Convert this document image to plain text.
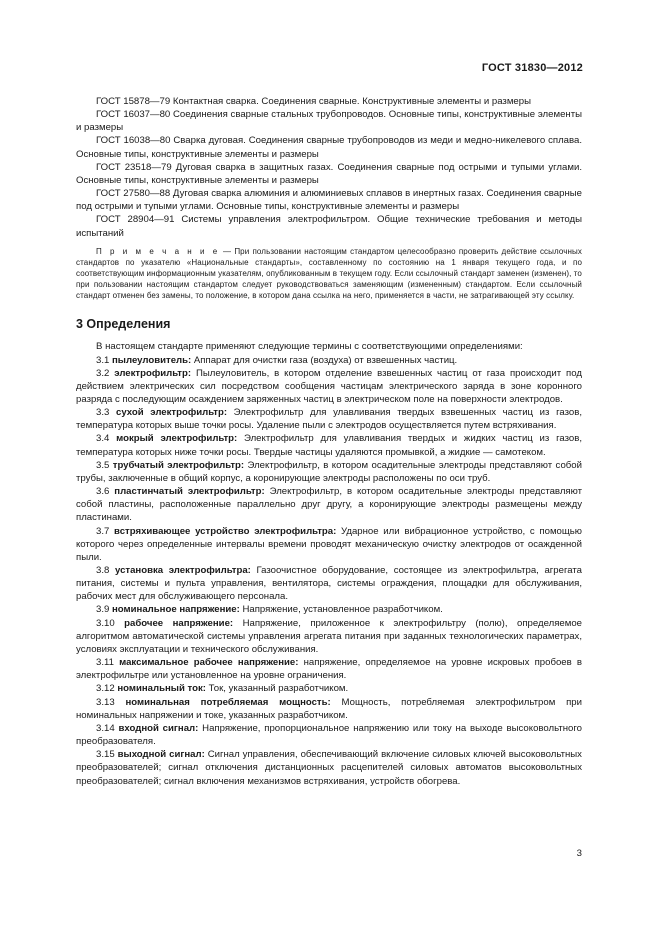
ГОСТ 31830—2012

ГОСТ 15878—79 Контактная сварка. Соединения сварные. Конструктивные элементы и размеры

ГОСТ 16037—80 Соединения сварные стальных трубопроводов. Основные типы, конструктивные элементы и размеры

ГОСТ 16038—80 Сварка дуговая. Соединения сварные трубопроводов из меди и медно-никелевого сплава. Основные типы, конструктивные элементы и размеры

ГОСТ 23518—79 Дуговая сварка в защитных газах. Соединения сварные под острыми и тупыми углами. Основные типы, конструктивные элементы и размеры

ГОСТ 27580—88 Дуговая сварка алюминия и алюминиевых сплавов в инертных газах. Соединения сварные под острыми и тупыми углами. Основные типы, конструктивные элементы и размеры

ГОСТ 28904—91 Системы управления электрофильтром. Общие технические требования и методы испытаний

П р и м е ч а н и е — При пользовании настоящим стандартом целесообразно проверить действие ссылочных стандартов по указателю «Национальные стандарты», составленному по состоянию на 1 января текущего года, и по соответствующим информационным указателям, опубликованным в текущем году. Если ссылочный стандарт заменен (изменен), то при пользовании настоящим стандартом следует руководствоваться заменяющим (измененным) стандартом. Если ссылочный стандарт отменен без замены, то положение, в котором дана ссылка на него, применяется в части, не затрагивающей эту ссылку.

3 Определения

В настоящем стандарте применяют следующие термины с соответствующими определениями:

3.1 пылеуловитель: Аппарат для очистки газа (воздуха) от взвешенных частиц.

3.2 электрофильтр: Пылеуловитель, в котором отделение взвешенных частиц от газа происходит под действием электрических сил посредством сообщения частицам электрического заряда в зоне коронного разряда с последующим осаждением заряженных частиц в электрическом поле на поверхности электродов.

3.3 сухой электрофильтр: Электрофильтр для улавливания твердых взвешенных частиц из газов, температура которых выше точки росы. Удаление пыли с электродов осуществляется путем встряхивания.

3.4 мокрый электрофильтр: Электрофильтр для улавливания твердых и жидких частиц из газов, температура которых ниже точки росы. Твердые частицы удаляются промывкой, а жидкие — самотеком.

3.5 трубчатый электрофильтр: Электрофильтр, в котором осадительные электроды представляют собой трубы, заключенные в общий корпус, а коронирующие электроды расположены по оси труб.

3.6 пластинчатый электрофильтр: Электрофильтр, в котором осадительные электроды представляют собой пластины, расположенные параллельно друг другу, а коронирующие электроды размещены между пластинами.

3.7 встряхивающее устройство электрофильтра: Ударное или вибрационное устройство, с помощью которого через определенные интервалы времени проводят механическую очистку электродов от осажденной пыли.

3.8 установка электрофильтра: Газоочистное оборудование, состоящее из электрофильтра, агрегата питания, системы и пульта управления, вентилятора, системы ограждения, площадки для обслуживания, рабочих мест для обслуживающего персонала.

3.9 номинальное напряжение: Напряжение, установленное разработчиком.

3.10 рабочее напряжение: Напряжение, приложенное к электрофильтру (полю), определяемое алгоритмом автоматической системы управления агрегата питания при заданных технологических параметрах, условиях эксплуатации и технического обслуживания.

3.11 максимальное рабочее напряжение: напряжение, определяемое на уровне искровых пробоев в электрофильтре или установленное на уровне ограничения.

3.12 номинальный ток: Ток, указанный разработчиком.

3.13 номинальная потребляемая мощность: Мощность, потребляемая электрофильтром при номинальных напряжении и токе, указанных разработчиком.

3.14 входной сигнал: Напряжение, пропорциональное напряжению или току на выходе высоковольтного преобразователя.

3.15 выходной сигнал: Сигнал управления, обеспечивающий включение силовых ключей высоковольтных преобразователей; сигнал отключения дистанционных расцепителей силовых автоматов высоковольтных преобразователей; сигнал включения механизмов встряхивания, устройств обогрева.

3
